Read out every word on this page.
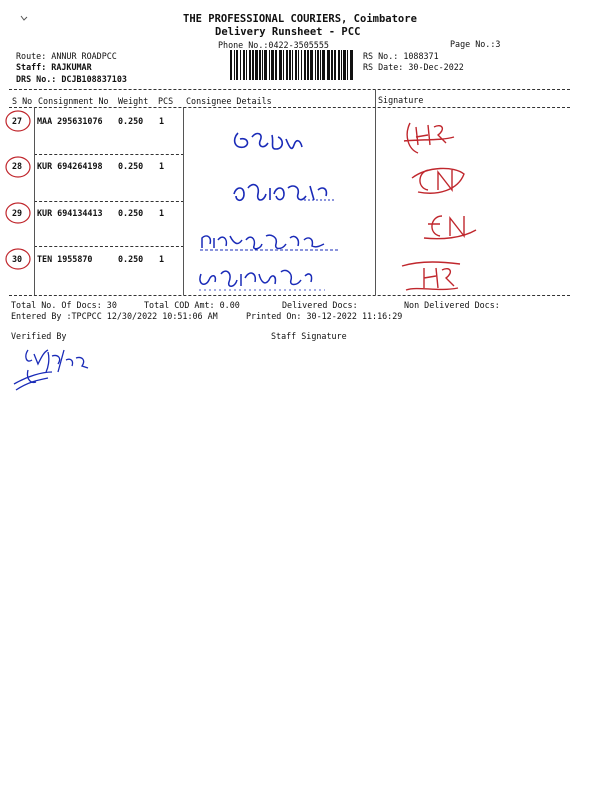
THE PROFESSIONAL COURIERS, Coimbatore
Delivery Runsheet - PCC
Phone No.:0422-3505555	Page No.:3
Route: ANNUR ROADPCC
Staff: RAJKUMAR
DRS No.: DCJB108837103
RS No.: 1088371
RS Date: 30-Dec-2022
S No Consignment No Weight PCS Consignee Details	Signature
27 MAA 295631076 0.250 1
28 KUR 694264198 0.250 1
29 KUR 694134413 0.250 1
30 TEN 1955870	0.250 1
Total No. Of Docs: 30	Total COD Amt: 0.00	Delivered Docs:	Non Delivered Docs:
Entered By :TPCPCC 12/30/2022 10:51:06 AM	Printed On: 30-12-2022 11:16:29
Verified By	Staff Signature
